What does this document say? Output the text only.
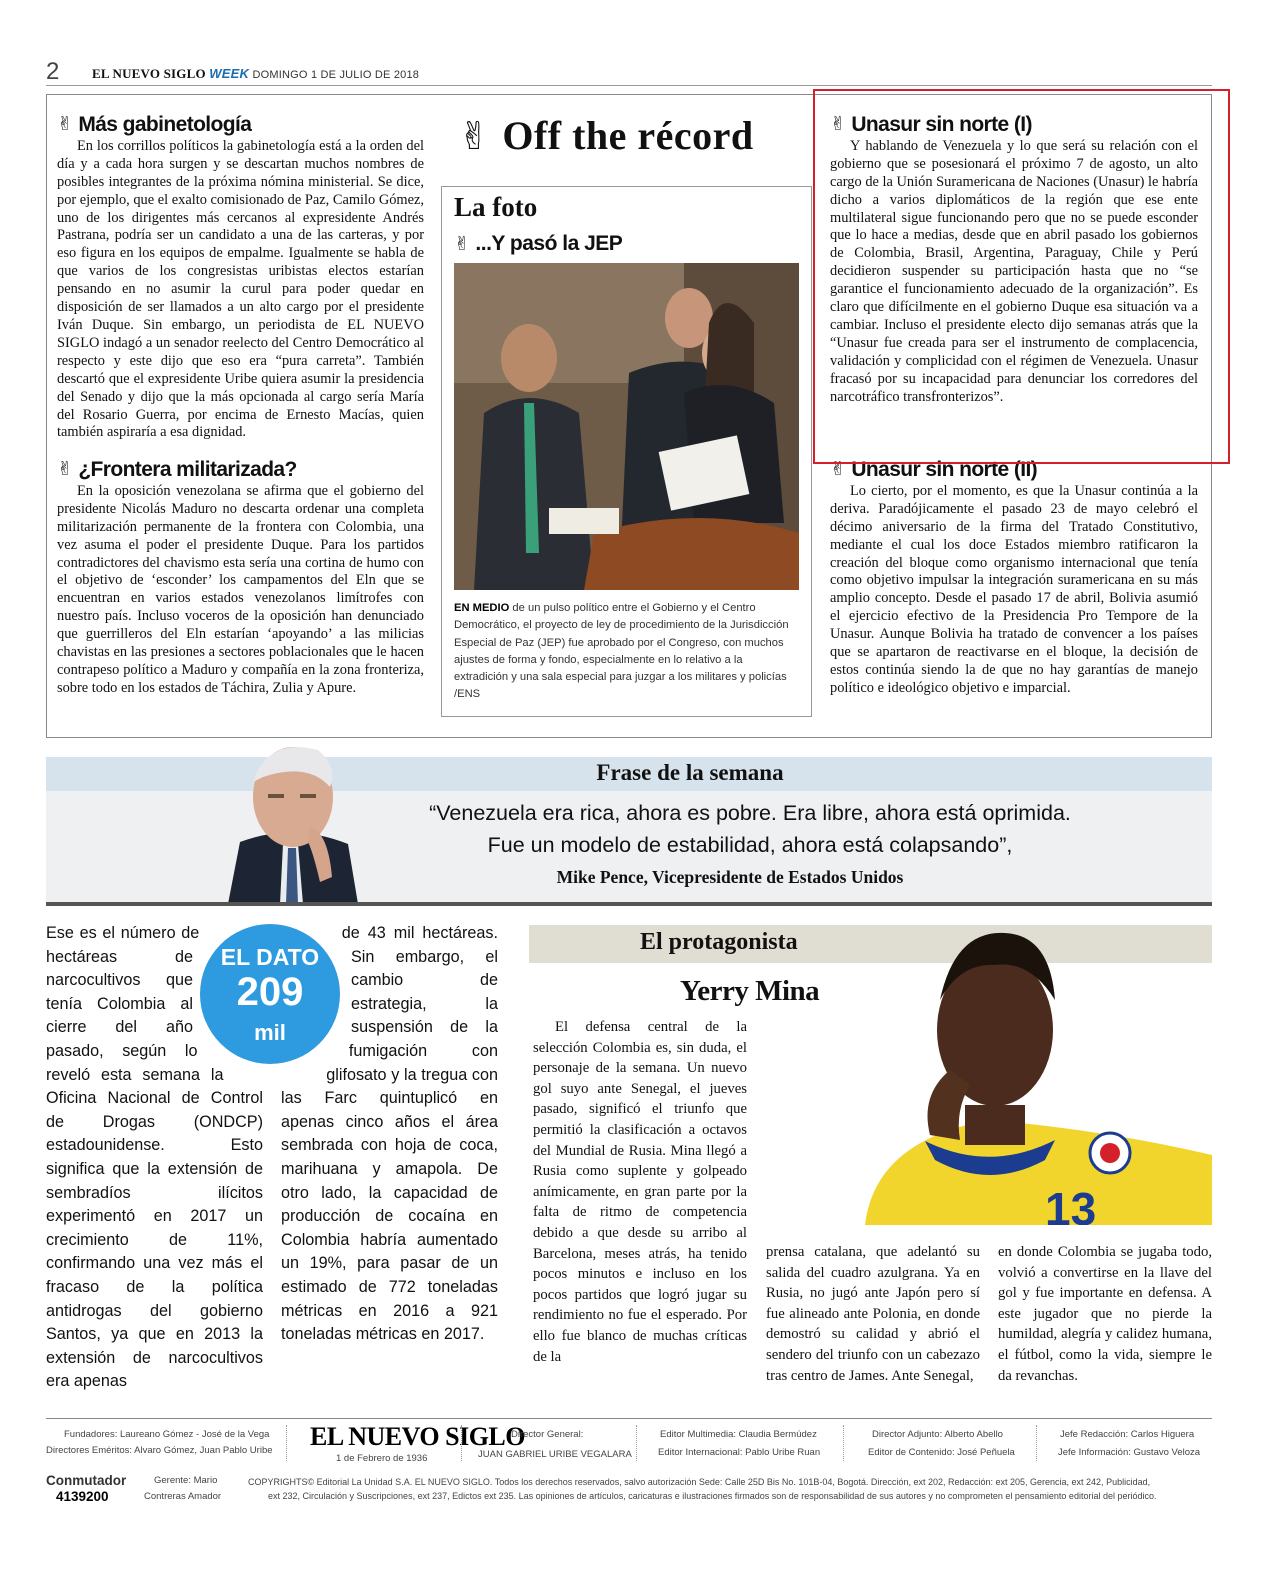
2	EL NUEVO SIGLO WEEK DOMINGO 1 DE JULIO DE 2018
✌ Más gabinetología

En los corrillos políticos la gabinetología está a la orden del día y a cada hora surgen y se descartan muchos nombres de posibles integrantes de la próxima nómina ministerial. Se dice, por ejemplo, que el exalto comisionado de Paz, Camilo Gómez, uno de los dirigentes más cercanos al expresidente Andrés Pastrana, podría ser un candidato a una de las carteras, y por eso figura en los equipos de empalme. Igualmente se habla de que varios de los congresistas uribistas electos estarían pensando en no asumir la curul para poder quedar en disposición de ser llamados a un alto cargo por el presidente Iván Duque. Sin embargo, un periodista de EL NUEVO SIGLO indagó a un senador reelecto del Centro Democrático al respecto y este dijo que eso era “pura carreta”. También descartó que el expresidente Uribe quiera asumir la presidencia del Senado y dijo que la más opcionada al cargo sería María del Rosario Guerra, por encima de Ernesto Macías, quien también aspiraría a esa dignidad.

✌ ¿Frontera militarizada?

En la oposición venezolana se afirma que el gobierno del presidente Nicolás Maduro no descarta ordenar una completa militarización permanente de la frontera con Colombia, una vez asuma el poder el presidente Duque. Para los partidos contradictores del chavismo esta sería una cortina de humo con el objetivo de ‘esconder’ los campamentos del Eln que se encuentran en varios estados venezolanos limítrofes con nuestro país. Incluso voceros de la oposición han denunciado que guerrilleros del Eln estarían ‘apoyando’ a las milicias chavistas en las presiones a sectores poblacionales que le hacen contrapeso político a Maduro y compañía en la zona fronteriza, sobre todo en los estados de Táchira, Zulia y Apure.

✌ Off the récord
La foto
✌ ...Y pasó la JEP
EN MEDIO de un pulso político entre el Gobierno y el Centro Democrático, el proyecto de ley de procedimiento de la Jurisdicción Especial de Paz (JEP) fue aprobado por el Congreso, con muchos ajustes de forma y fondo, especialmente en lo relativo a la extradición y una sala especial para juzgar a los militares y policías /ENS
✌ Unasur sin norte (I)

Y hablando de Venezuela y lo que será su relación con el gobierno que se posesionará el próximo 7 de agosto, un alto cargo de la Unión Suramericana de Naciones (Unasur) le habría dicho a varios diplomáticos de la región que ese ente multilateral sigue funcionando pero que no se puede esconder que lo hace a medias, desde que en abril pasado los gobiernos de Colombia, Brasil, Argentina, Paraguay, Chile y Perú decidieron suspender su participación hasta que no “se garantice el funcionamiento adecuado de la organización”. Es claro que difícilmente en el gobierno Duque esa situación va a cambiar. Incluso el presidente electo dijo semanas atrás que la “Unasur fue creada para ser el instrumento de complacencia, validación y complicidad con el régimen de Venezuela. Unasur fracasó por su incapacidad para denunciar los corredores del narcotráfico transfronterizos”.

✌ Unasur sin norte (II)

Lo cierto, por el momento, es que la Unasur continúa a la deriva. Paradójicamente el pasado 23 de mayo celebró el décimo aniversario de la firma del Tratado Constitutivo, mediante el cual los doce Estados miembro ratificaron la creación del bloque como organismo internacional que tenía como objetivo impulsar la integración suramericana en su más amplio concepto. Desde el pasado 17 de abril, Bolivia asumió el ejercicio efectivo de la Presidencia Pro Tempore de la Unasur. Aunque Bolivia ha tratado de convencer a los países que se apartaron de reactivarse en el bloque, la decisión de estos continúa siendo la de que no hay garantías de manejo político e ideológico objetivo e imparcial.

Frase de la semana
“Venezuela era rica, ahora es pobre. Era libre, ahora está oprimida.
Fue un modelo de estabilidad, ahora está colapsando”,
Mike Pence, Vicepresidente de Estados Unidos
Ese es el número de hectáreas de narcocultivos que tenía Colombia al cierre del año pasado, según lo reveló esta semana la Oficina Nacional de Control de Drogas (ONDCP) estadounidense. Esto significa que la extensión de sembradíos ilícitos experimentó en 2017 un crecimiento de 11%, confirmando una vez más el fracaso de la política antidrogas del gobierno Santos, ya que en 2013 la extensión de narcocultivos era apenas
de 43 mil hectáreas. Sin embargo, el cambio de estrategia, la suspensión de la fumigación con glifosato y la tregua con las Farc quintuplicó en apenas cinco años el área sembrada con hoja de coca, marihuana y amapola. De otro lado, la capacidad de producción de cocaína en Colombia habría aumentado un 19%, para pasar de un estimado de 772 toneladas métricas en 2016 a 921 toneladas métricas en 2017.
EL DATO
209
mil
El protagonista
13
Yerry Mina
El defensa central de la selección Colombia es, sin duda, el personaje de la semana. Un nuevo gol suyo ante Senegal, el jueves pasado, significó el triunfo que permitió la clasificación a octavos del Mundial de Rusia. Mina llegó a Rusia como suplente y golpeado anímicamente, en gran parte por la falta de ritmo de competencia debido a que desde su arribo al Barcelona, meses atrás, ha tenido pocos minutos e incluso en los pocos partidos que logró jugar su rendimiento no fue el esperado. Por ello fue blanco de muchas críticas de la
prensa catalana, que adelantó su salida del cuadro azulgrana. Ya en Rusia, no jugó ante Japón pero sí fue alineado ante Polonia, en donde demostró su calidad y abrió el sendero del triunfo con un cabezazo tras centro de James. Ante Senegal,
en donde Colombia se jugaba todo, volvió a convertirse en la llave del gol y fue importante en defensa. A este jugador que no pierde la humildad, alegría y calidez humana, el fútbol, como la vida, siempre le da revanchas.
Fundadores: Laureano Gómez - José de la Vega
Directores Eméritos: Alvaro Gómez, Juan Pablo Uribe EL NUEVO SIGLO
1 de Febrero de 1936
Director General:
JUAN GABRIEL URIBE VEGALARA
Editor Multimedia: Claudia Bermúdez
Editor Internacional: Pablo Uribe Ruan
Director Adjunto: Alberto Abello
Editor de Contenido: José Peñuela
Jefe Redacción: Carlos Higuera
Jefe Información: Gustavo Veloza
Conmutador
4139200
Gerente: Mario
Contreras Amador
COPYRIGHTS© Editorial La Unidad S.A. EL NUEVO SIGLO. Todos los derechos reservados, salvo autorización Sede: Calle 25D Bis No. 101B-04, Bogotá. Dirección, ext 202, Redacción: ext 205, Gerencia, ext 242, Publicidad,
ext 232, Circulación y Suscripciones, ext 237, Edictos ext 235. Las opiniones de artículos, caricaturas e ilustraciones firmados son de responsabilidad de sus autores y no comprometen el pensamiento editorial del periódico.
